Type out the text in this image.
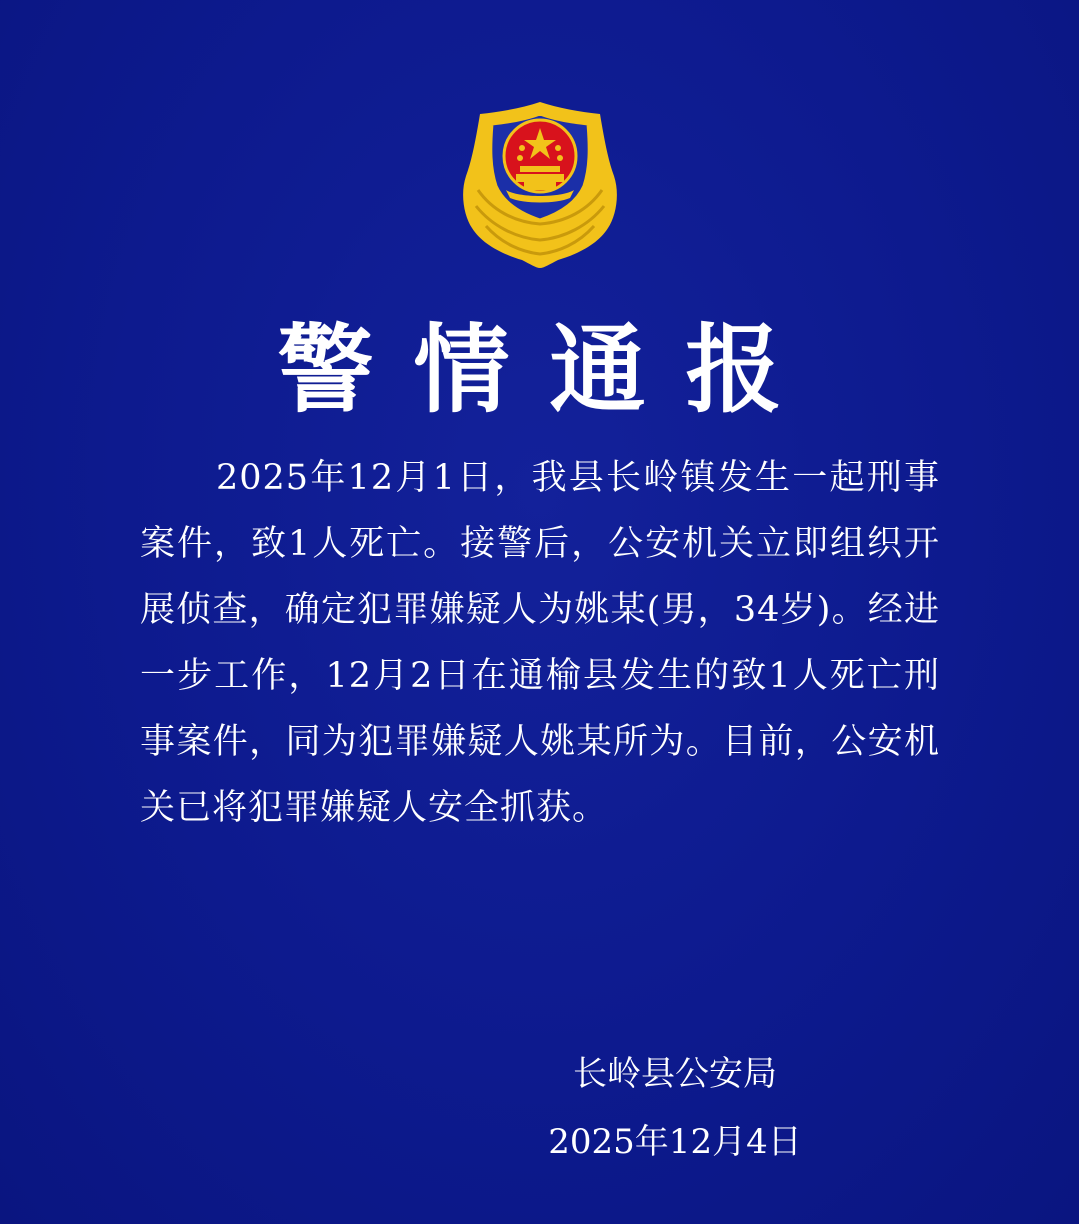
警情通报

2025年12月1日，我县长岭镇发生一起刑事案件，致1人死亡。接警后，公安机关立即组织开展侦查，确定犯罪嫌疑人为姚某(男，34岁)。经进一步工作，12月2日在通榆县发生的致1人死亡刑事案件，同为犯罪嫌疑人姚某所为。目前，公安机关已将犯罪嫌疑人安全抓获。

长岭县公安局
2025年12月4日
